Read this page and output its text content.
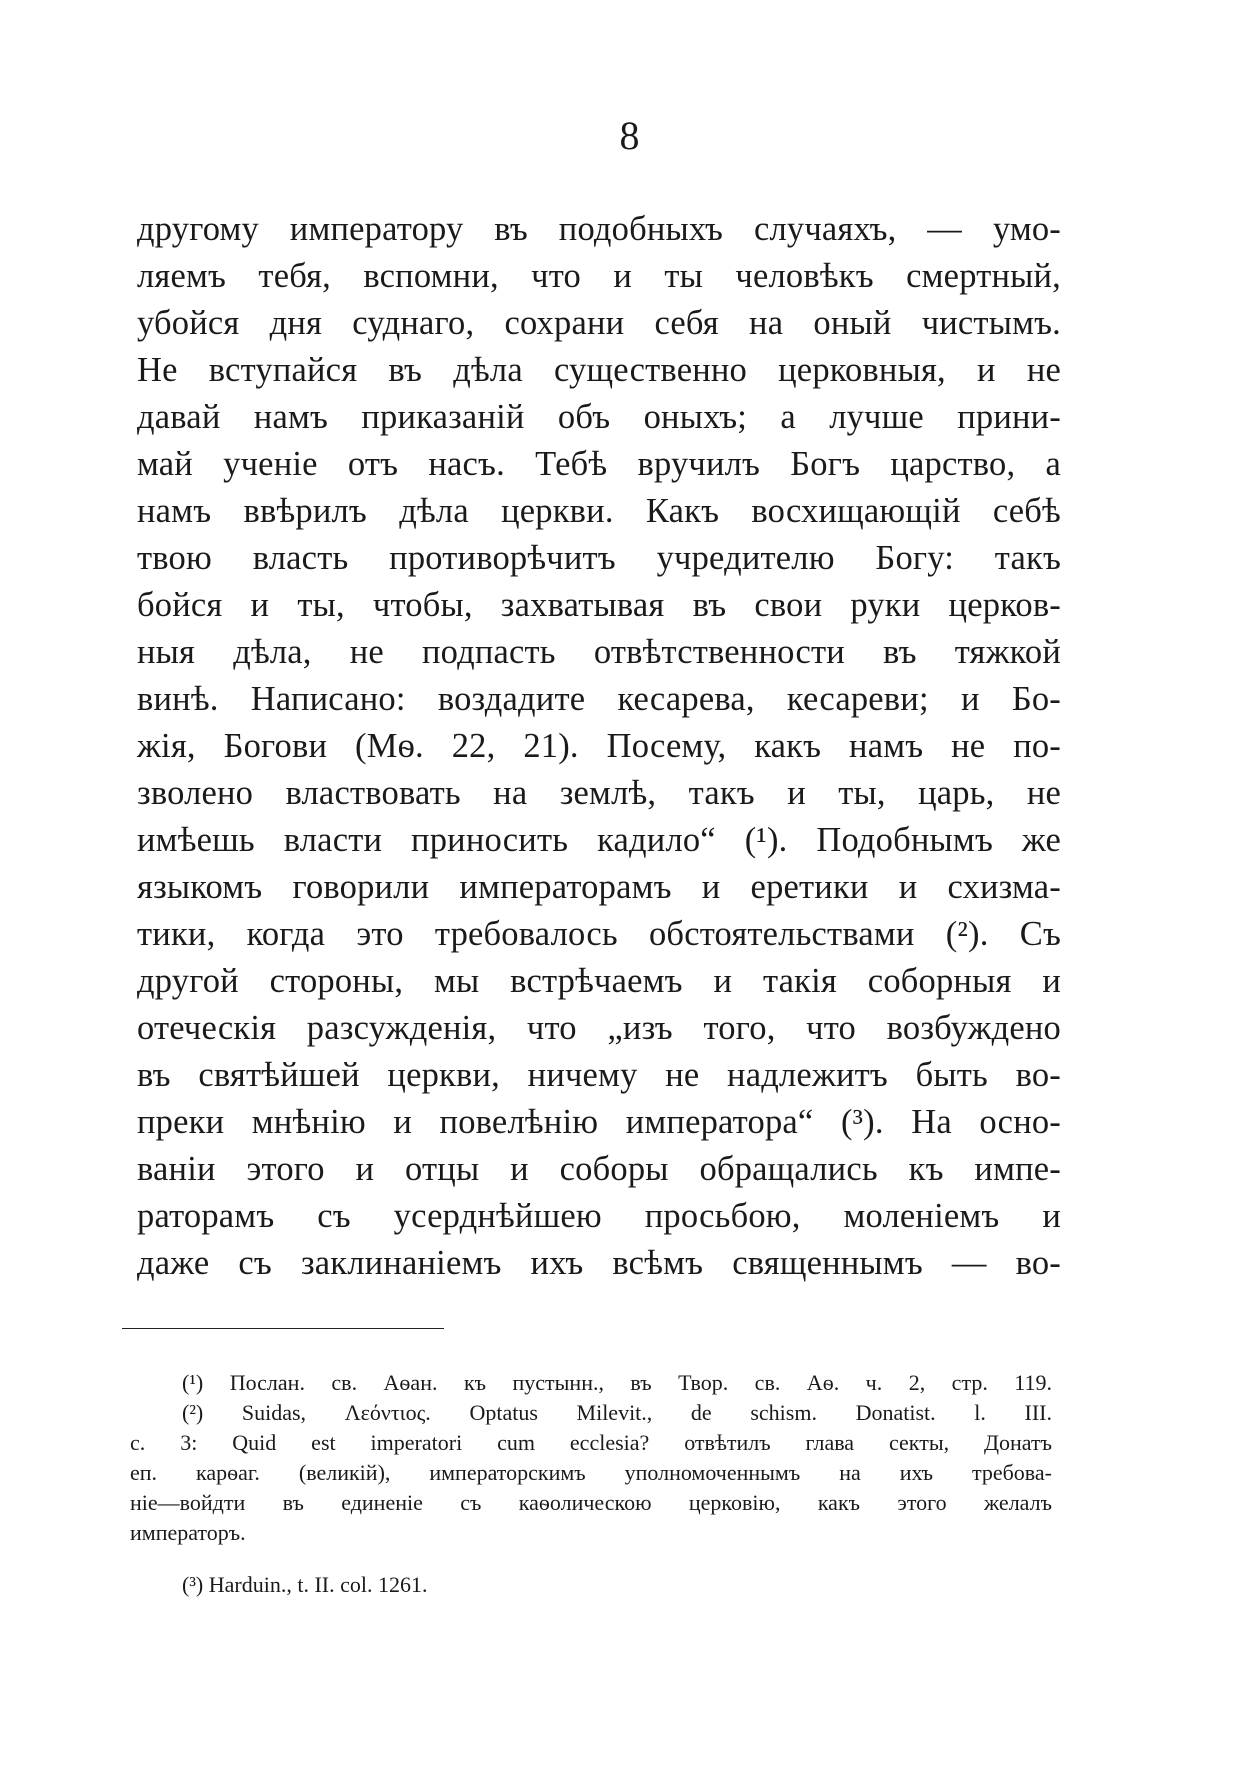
8
другому императору въ подобныхъ случаяхъ, — умо-
ляемъ тебя, вспомни, что и ты человѣкъ смертный,
убойся дня суднаго, сохрани себя на оный чистымъ.
Не вступайся въ дѣла существенно церковныя, и не
давай намъ приказаній объ оныхъ; а лучше прини-
май ученіе отъ насъ. Тебѣ вручилъ Богъ царство, а
намъ ввѣрилъ дѣла церкви. Какъ восхищающій себѣ
твою власть противорѣчитъ учредителю Богу: такъ
бойся и ты, чтобы, захватывая въ свои руки церков-
ныя дѣла, не подпасть отвѣтственности въ тяжкой
винѣ. Написано: воздадите кесарева, кесареви; и Бо-
жія, Богови (Мѳ. 22, 21). Посему, какъ намъ не по-
зволено властвовать на землѣ, такъ и ты, царь, не
имѣешь власти приносить кадило“ (¹). Подобнымъ же
языкомъ говорили императорамъ и еретики и схизма-
тики, когда это требовалось обстоятельствами (²). Съ
другой стороны, мы встрѣчаемъ и такія соборныя и
отеческія разсужденія, что „изъ того, что возбуждено
въ святѣйшей церкви, ничему не надлежитъ быть во-
преки мнѣнію и повелѣнію императора“ (³). На осно-
ваніи этого и отцы и соборы обращались къ импе-
раторамъ съ усерднѣйшею просьбою, моленіемъ и
даже съ заклинаніемъ ихъ всѣмъ священнымъ — во-
(¹) Послан. св. Аѳан. къ пустынн., въ Твор. св. Аѳ. ч. 2, стр. 119.
(²) Suidas, Λεόντιος. Optatus Milevit., de schism. Donatist. l. III.
c. 3: Quid est imperatori cum ecclesia? отвѣтилъ глава секты, Донатъ
еп. карѳаг. (великій), императорскимъ уполномоченнымъ на ихъ требова-
ніе—войдти въ единеніе съ каѳолическою церковію, какъ этого желалъ
императоръ.
(³) Harduin., t. II. col. 1261.
